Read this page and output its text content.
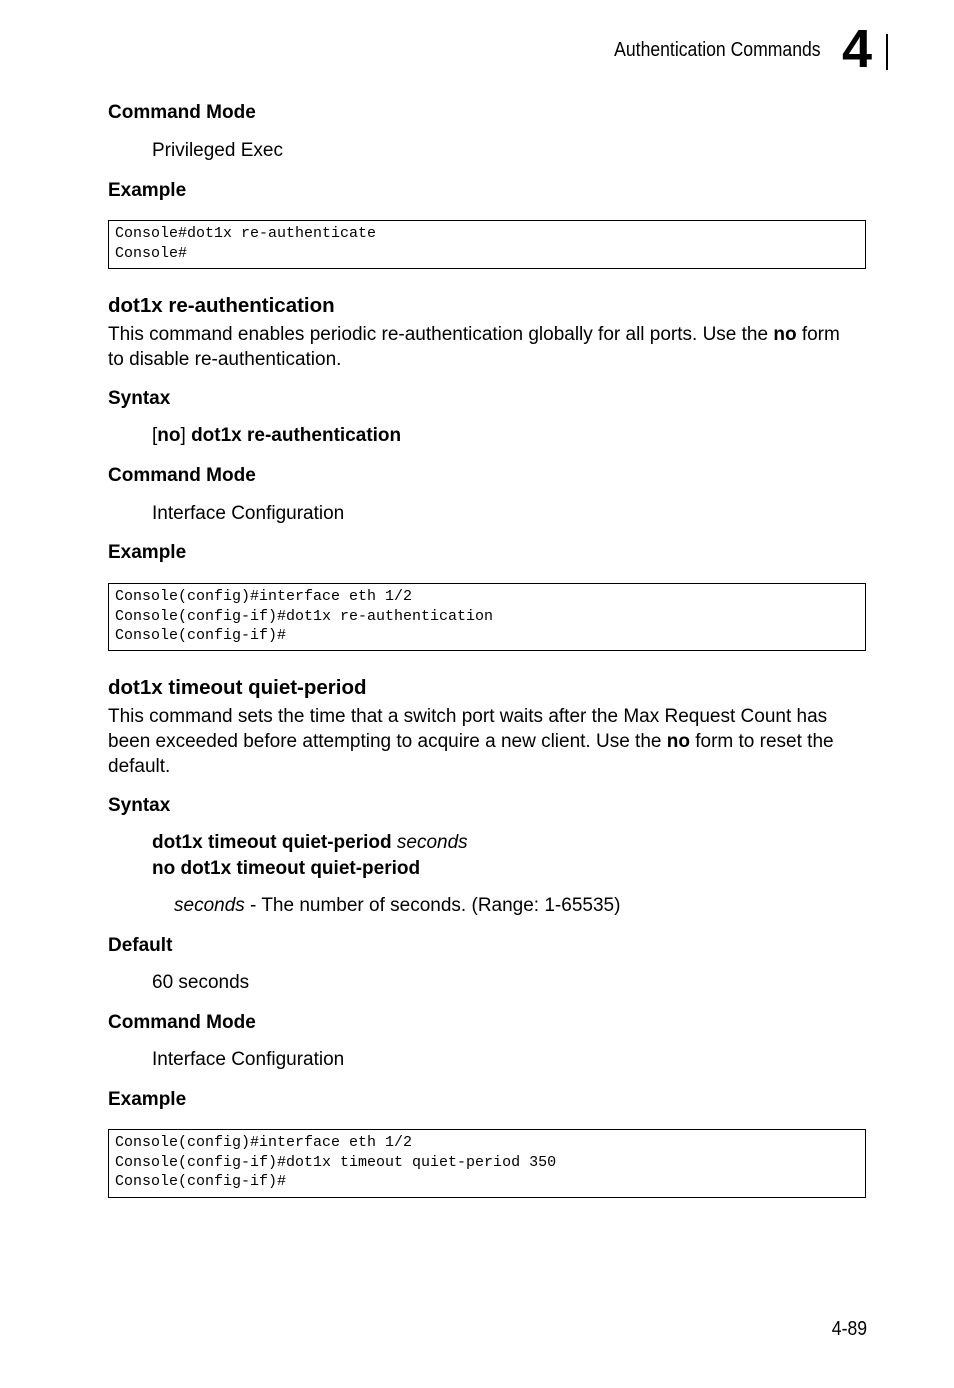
Authentication Commands 4
Command Mode
Privileged Exec
Example
Console#dot1x re-authenticate
Console#
dot1x re-authentication
This command enables periodic re-authentication globally for all ports. Use the no form to disable re-authentication.
Syntax
[no] dot1x re-authentication
Command Mode
Interface Configuration
Example
Console(config)#interface eth 1/2
Console(config-if)#dot1x re-authentication
Console(config-if)#
dot1x timeout quiet-period
This command sets the time that a switch port waits after the Max Request Count has been exceeded before attempting to acquire a new client. Use the no form to reset the default.
Syntax
dot1x timeout quiet-period seconds
no dot1x timeout quiet-period
seconds - The number of seconds. (Range: 1-65535)
Default
60 seconds
Command Mode
Interface Configuration
Example
Console(config)#interface eth 1/2
Console(config-if)#dot1x timeout quiet-period 350
Console(config-if)#
4-89
